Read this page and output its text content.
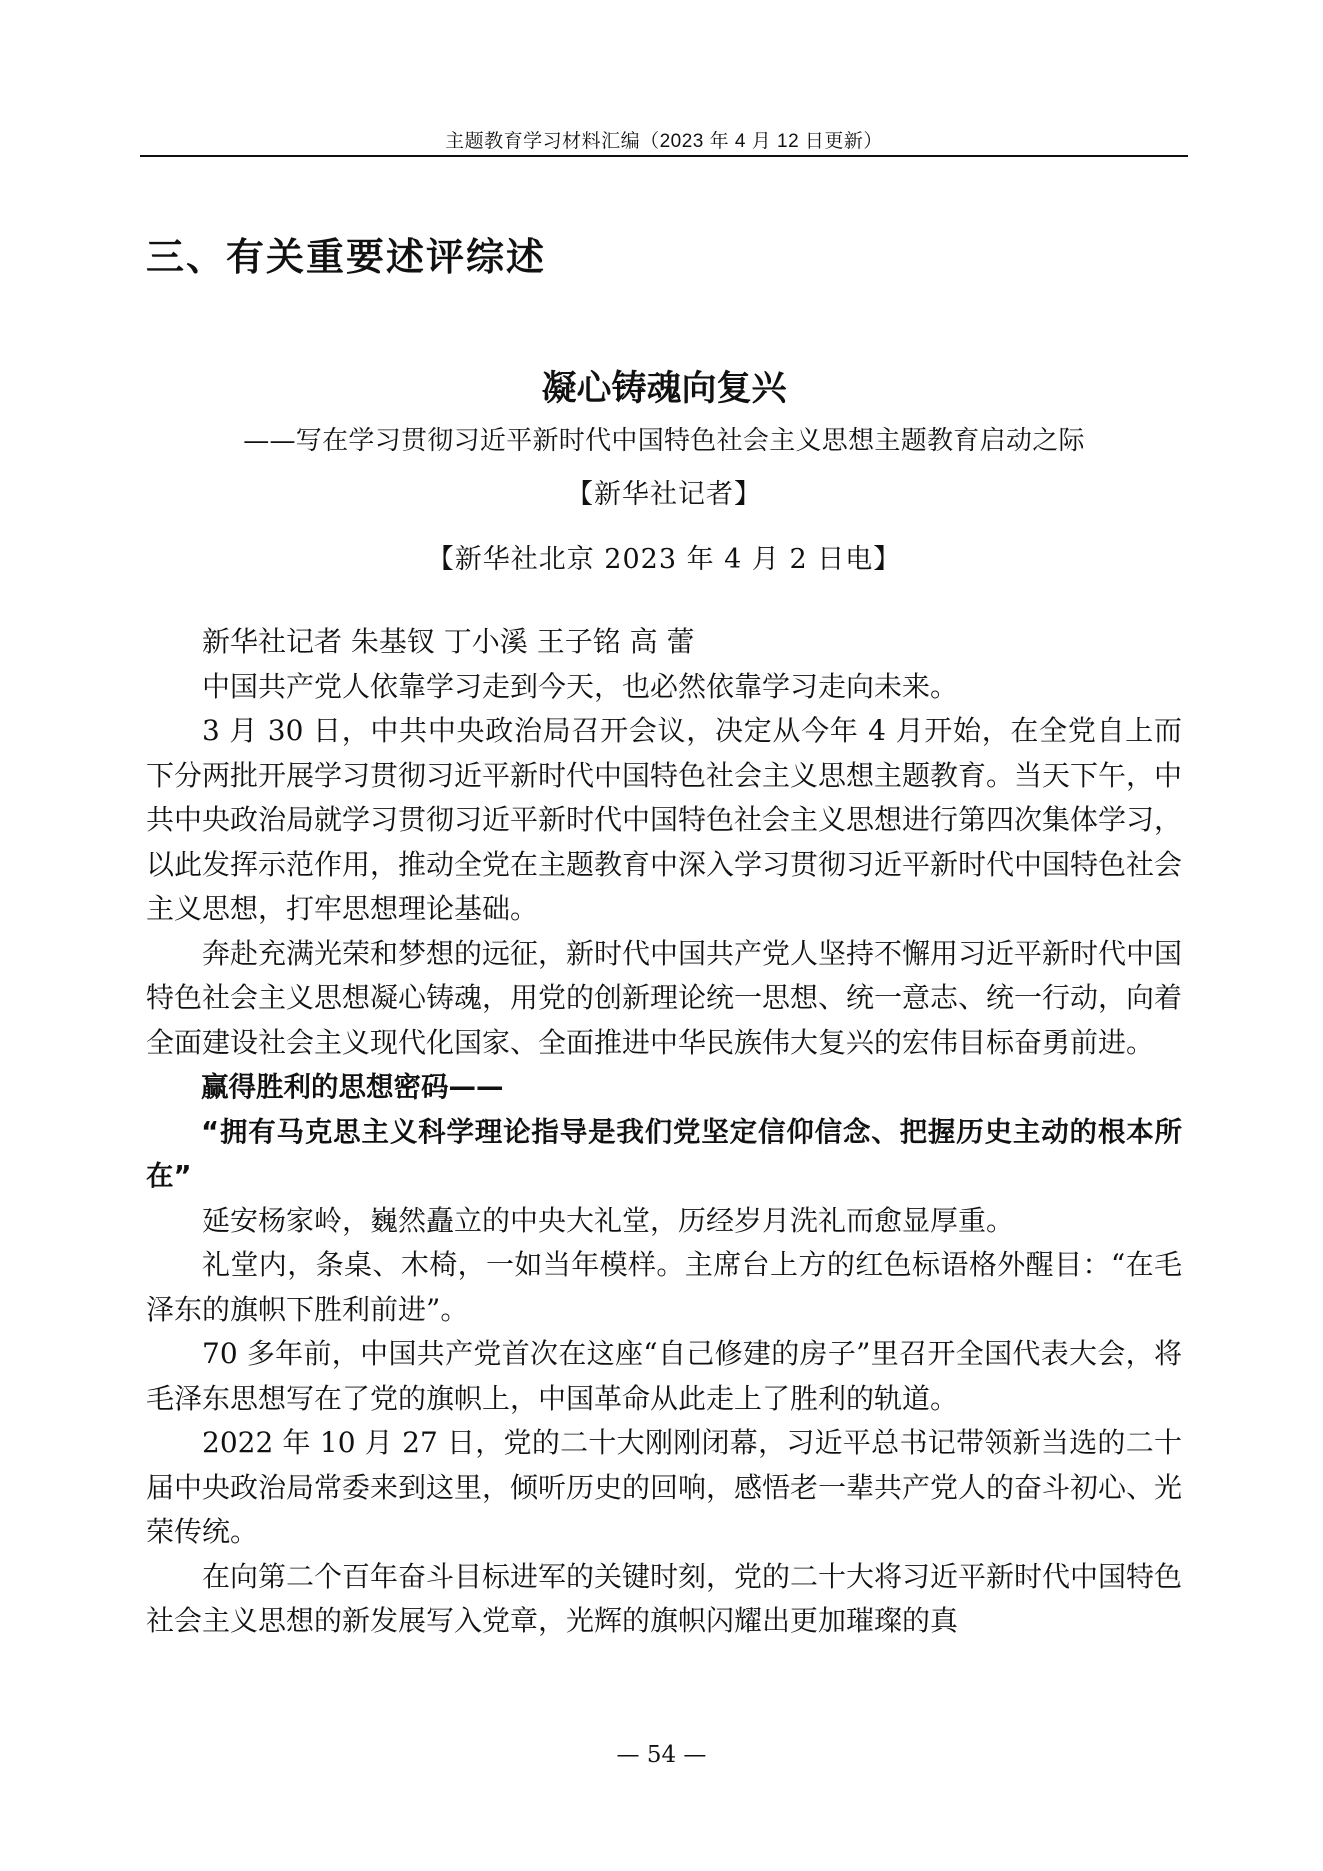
主题教育学习材料汇编（2023 年 4 月 12 日更新）
三、有关重要述评综述
凝心铸魂向复兴
——写在学习贯彻习近平新时代中国特色社会主义思想主题教育启动之际
【新华社记者】
【新华社北京 2023 年 4 月 2 日电】

新华社记者 朱基钗 丁小溪 王子铭 高 蕾

中国共产党人依靠学习走到今天，也必然依靠学习走向未来。

3 月 30 日，中共中央政治局召开会议，决定从今年 4 月开始，在全党自上而下分两批开展学习贯彻习近平新时代中国特色社会主义思想主题教育。当天下午，中共中央政治局就学习贯彻习近平新时代中国特色社会主义思想进行第四次集体学习，以此发挥示范作用，推动全党在主题教育中深入学习贯彻习近平新时代中国特色社会主义思想，打牢思想理论基础。

奔赴充满光荣和梦想的远征，新时代中国共产党人坚持不懈用习近平新时代中国特色社会主义思想凝心铸魂，用党的创新理论统一思想、统一意志、统一行动，向着全面建设社会主义现代化国家、全面推进中华民族伟大复兴的宏伟目标奋勇前进。

赢得胜利的思想密码——

“拥有马克思主义科学理论指导是我们党坚定信仰信念、把握历史主动的根本所在”

延安杨家岭，巍然矗立的中央大礼堂，历经岁月洗礼而愈显厚重。

礼堂内，条桌、木椅，一如当年模样。主席台上方的红色标语格外醒目：“在毛泽东的旗帜下胜利前进”。

70 多年前，中国共产党首次在这座“自己修建的房子”里召开全国代表大会，将毛泽东思想写在了党的旗帜上，中国革命从此走上了胜利的轨道。

2022 年 10 月 27 日，党的二十大刚刚闭幕，习近平总书记带领新当选的二十届中央政治局常委来到这里，倾听历史的回响，感悟老一辈共产党人的奋斗初心、光荣传统。

在向第二个百年奋斗目标进军的关键时刻，党的二十大将习近平新时代中国特色社会主义思想的新发展写入党章，光辉的旗帜闪耀出更加璀璨的真

— 54 —
